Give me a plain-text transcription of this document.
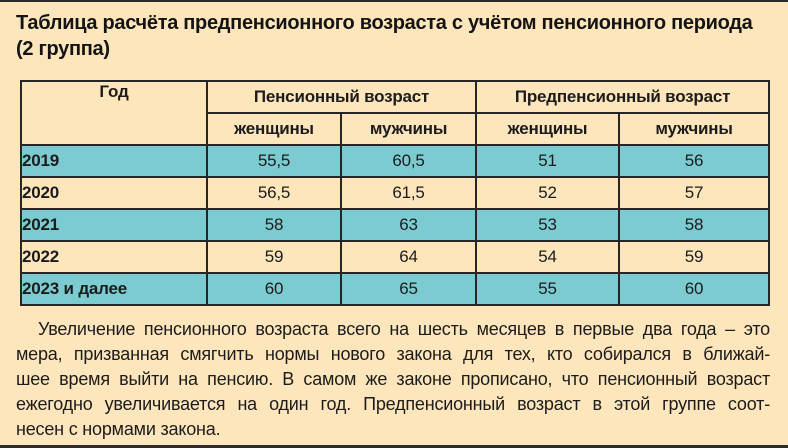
Таблица расчёта предпенсионного возраста с учётом пенсионного периода
(2 группа)
Год	Пенсионный возраст		Предпенсионный возраст	
	женщины	мужчины	женщины	мужчины
2019	55,5	60,5	51	56
2020	56,5	61,5	52	57
2021	58	63	53	58
2022	59	64	54	59
2023 и далее	60	65	55	60
Увеличение пенсионного возраста всего на шесть месяцев в первые два года – это
мера, призванная смягчить нормы нового закона для тех, кто собирался в ближай-
шее время выйти на пенсию. В самом же законе прописано, что пенсионный возраст
ежегодно увеличивается на один год. Предпенсионный возраст в этой группе соот-
несен с нормами закона.
